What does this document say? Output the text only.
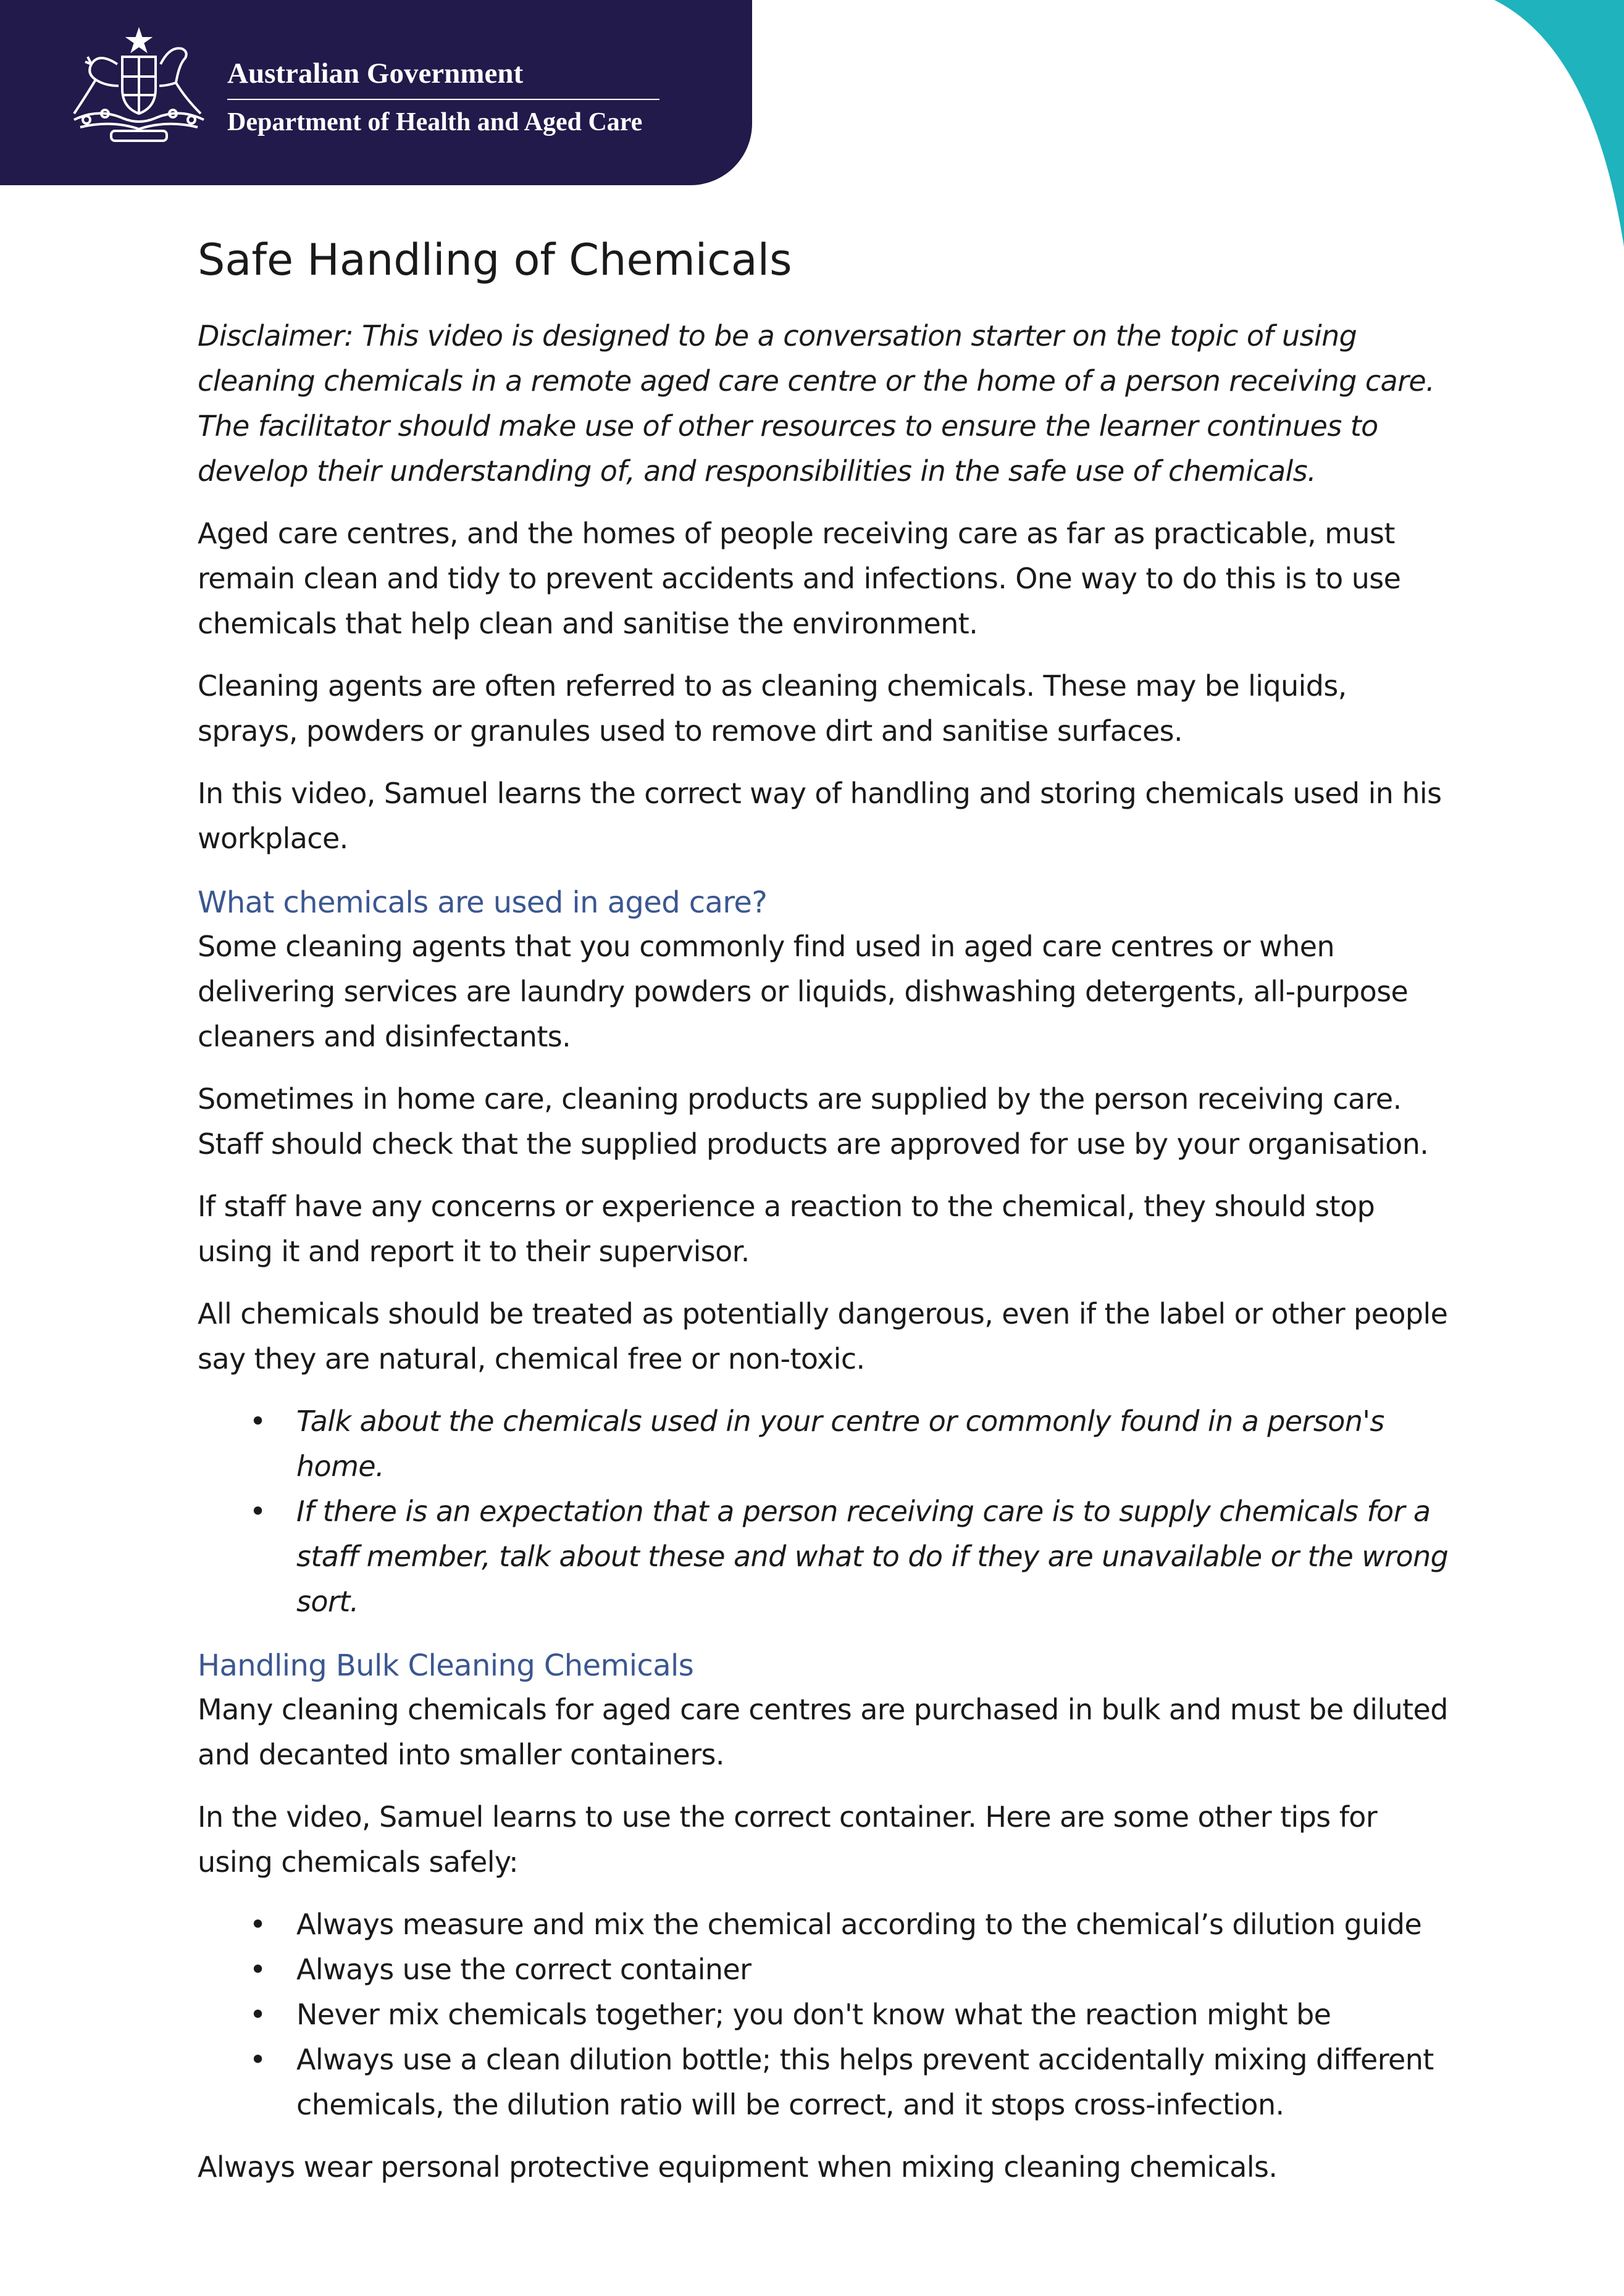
Australian Government
Department of Health and Aged Care
Safe Handling of Chemicals

Disclaimer: This video is designed to be a conversation starter on the topic of using cleaning chemicals in a remote aged care centre or the home of a person receiving care. The facilitator should make use of other resources to ensure the learner continues to develop their understanding of, and responsibilities in the safe use of chemicals.

Aged care centres, and the homes of people receiving care as far as practicable, must remain clean and tidy to prevent accidents and infections. One way to do this is to use chemicals that help clean and sanitise the environment.

Cleaning agents are often referred to as cleaning chemicals. These may be liquids, sprays, powders or granules used to remove dirt and sanitise surfaces.

In this video, Samuel learns the correct way of handling and storing chemicals used in his workplace.

What chemicals are used in aged care?

Some cleaning agents that you commonly find used in aged care centres or when delivering services are laundry powders or liquids, dishwashing detergents, all-purpose cleaners and disinfectants.

Sometimes in home care, cleaning products are supplied by the person receiving care. Staff should check that the supplied products are approved for use by your organisation.

If staff have any concerns or experience a reaction to the chemical, they should stop using it and report it to their supervisor.

All chemicals should be treated as potentially dangerous, even if the label or other people say they are natural, chemical free or non-toxic.

• Talk about the chemicals used in your centre or commonly found in a person's home.
• If there is an expectation that a person receiving care is to supply chemicals for a staff member, talk about these and what to do if they are unavailable or the wrong sort.
Handling Bulk Cleaning Chemicals

Many cleaning chemicals for aged care centres are purchased in bulk and must be diluted and decanted into smaller containers.

In the video, Samuel learns to use the correct container. Here are some other tips for using chemicals safely:

• Always measure and mix the chemical according to the chemical’s dilution guide
• Always use the correct container
• Never mix chemicals together; you don't know what the reaction might be
• Always use a clean dilution bottle; this helps prevent accidentally mixing different chemicals, the dilution ratio will be correct, and it stops cross-infection.

Always wear personal protective equipment when mixing cleaning chemicals.
